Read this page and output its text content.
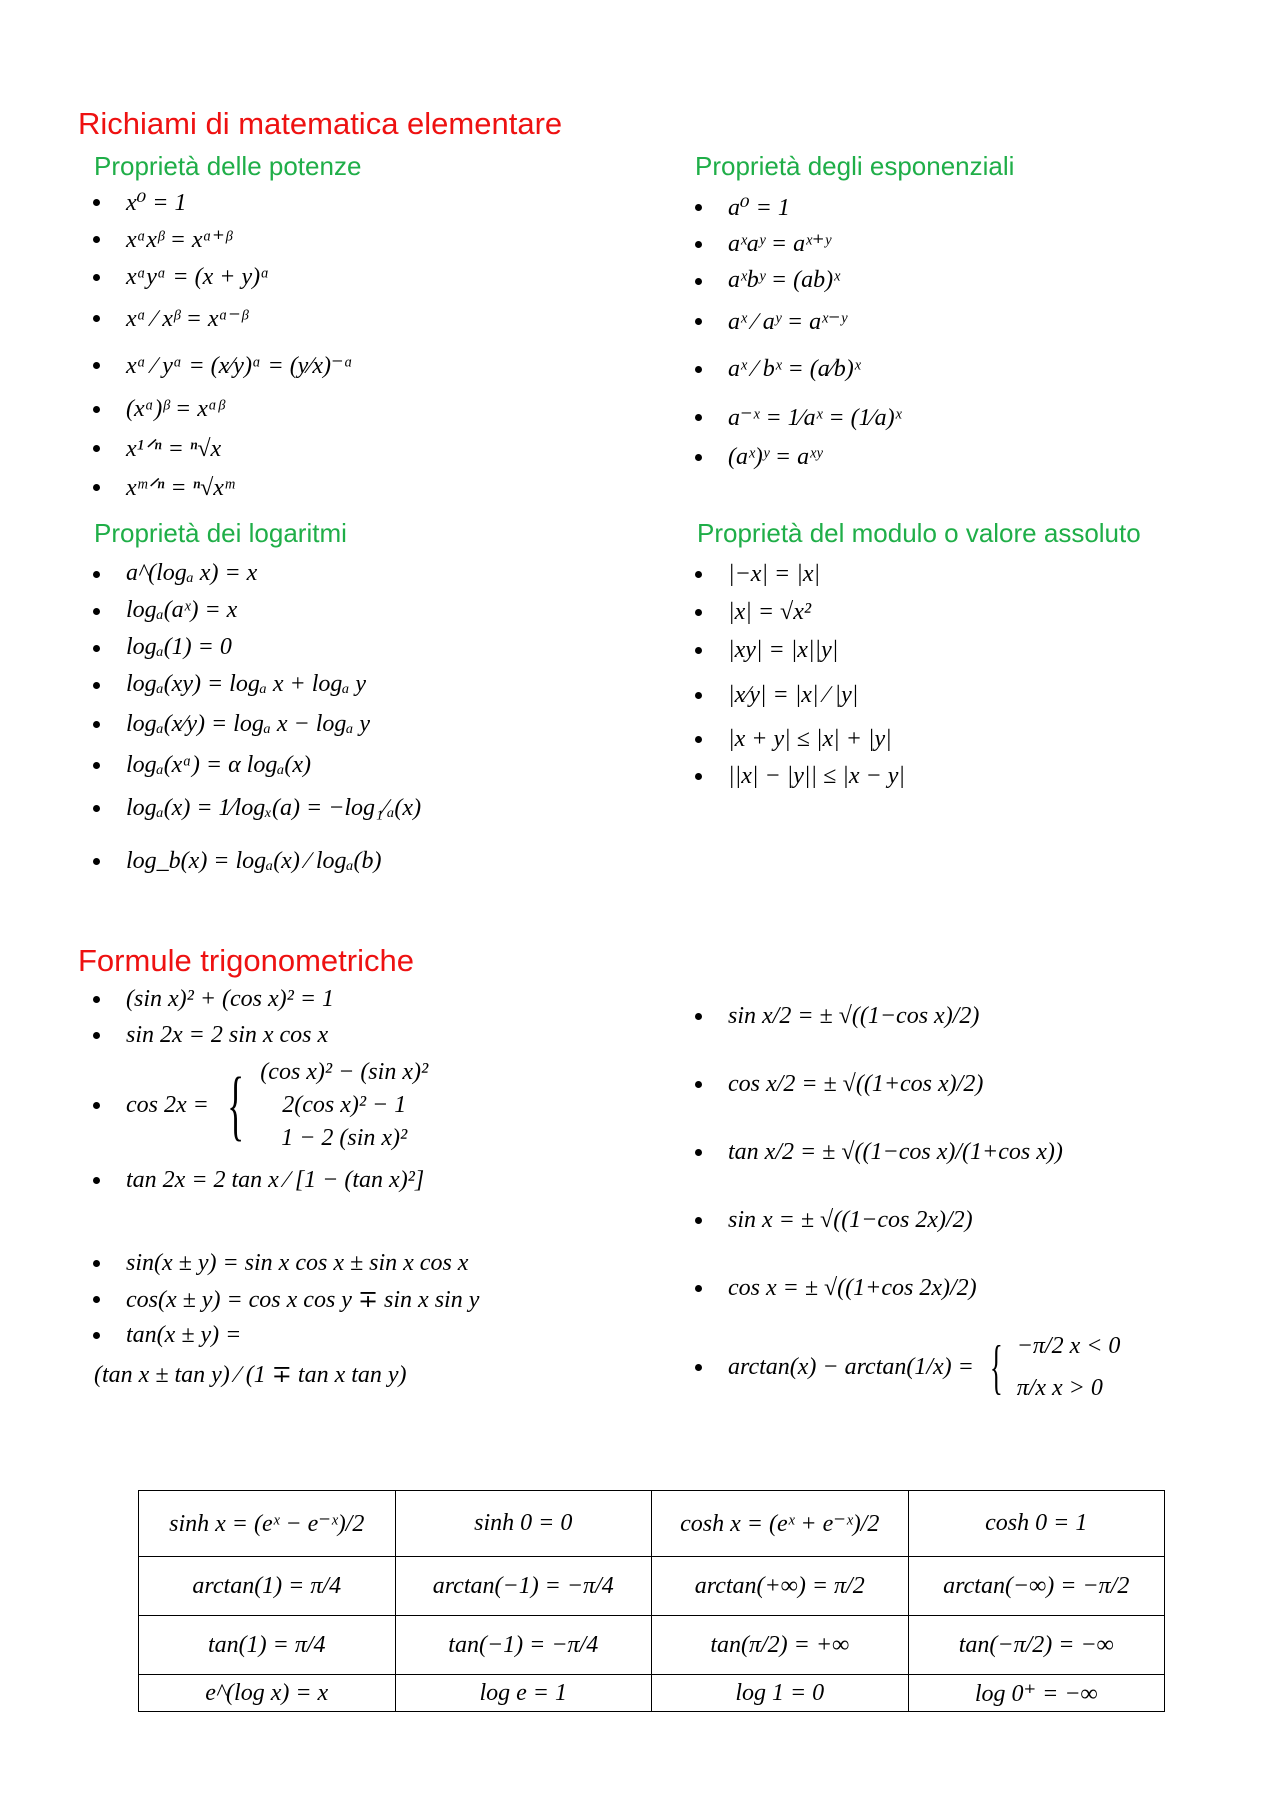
Richiami di matematica elementare
Proprietà delle potenze
x⁰ = 1
xᵅxᵝ = xᵅ⁺ᵝ
xᵅyᵅ = (x + y)ᵅ
xᵅ ∕ xᵝ = xᵅ⁻ᵝ
xᵅ ∕ yᵅ = (x∕y)ᵅ = (y∕x)⁻ᵅ
(xᵅ)ᵝ = xᵅᵝ
x¹ᐟⁿ = ⁿ√x
xᵐᐟⁿ = ⁿ√xᵐ
Proprietà degli esponenziali
a⁰ = 1
aˣaʸ = aˣ⁺ʸ
aˣbʸ = (ab)ˣ
aˣ ∕ aʸ = aˣ⁻ʸ
aˣ ∕ bˣ = (a∕b)ˣ
a⁻ˣ = 1∕aˣ = (1∕a)ˣ
(aˣ)ʸ = aˣʸ
Proprietà dei logaritmi
a^(logₐ x) = x
logₐ(aˣ) = x
logₐ(1) = 0
logₐ(xy) = logₐ x + logₐ y
logₐ(x∕y) = logₐ x − logₐ y
logₐ(xᵅ) = α logₐ(x)
logₐ(x) = 1∕logₓ(a) = −log₁∕ₐ(x)
log_b(x) = logₐ(x) ∕ logₐ(b)
Proprietà del modulo o valore assoluto
|−x| = |x|
|x| = √x²
|xy| = |x||y|
|x∕y| = |x| ∕ |y|
|x + y| ≤ |x| + |y|
||x| − |y|| ≤ |x − y|
Formule trigonometriche
(sin x)² + (cos x)² = 1
sin 2x = 2 sin x cos x
cos 2x = { (cos x)² − (sin x)²
2(cos x)² − 1
1 − 2 (sin x)²
tan 2x = 2 tan x ∕ [1 − (tan x)²]
sin(x ± y) = sin x cos x ± sin x cos x
cos(x ± y) = cos x cos y ∓ sin x sin y
tan(x ± y) =
(tan x ± tan y) ∕ (1 ∓ tan x tan y)
sin x/2 = ± √((1−cos x)/2)
cos x/2 = ± √((1+cos x)/2)
tan x/2 = ± √((1−cos x)/(1+cos x))
sin x = ± √((1−cos 2x)/2)
cos x = ± √((1+cos 2x)/2)
arctan(x) − arctan(1/x) = { −π/2 x < 0
π/x x > 0
sinh x = (eˣ − e⁻ˣ)/2	sinh 0 = 0	cosh x = (eˣ + e⁻ˣ)/2	cosh 0 = 1
arctan(1) = π/4	arctan(−1) = −π/4	arctan(+∞) = π/2	arctan(−∞) = −π/2
tan(1) = π/4	tan(−1) = −π/4	tan(π/2) = +∞	tan(−π/2) = −∞
e^(log x) = x	log e = 1	log 1 = 0	log 0⁺ = −∞
